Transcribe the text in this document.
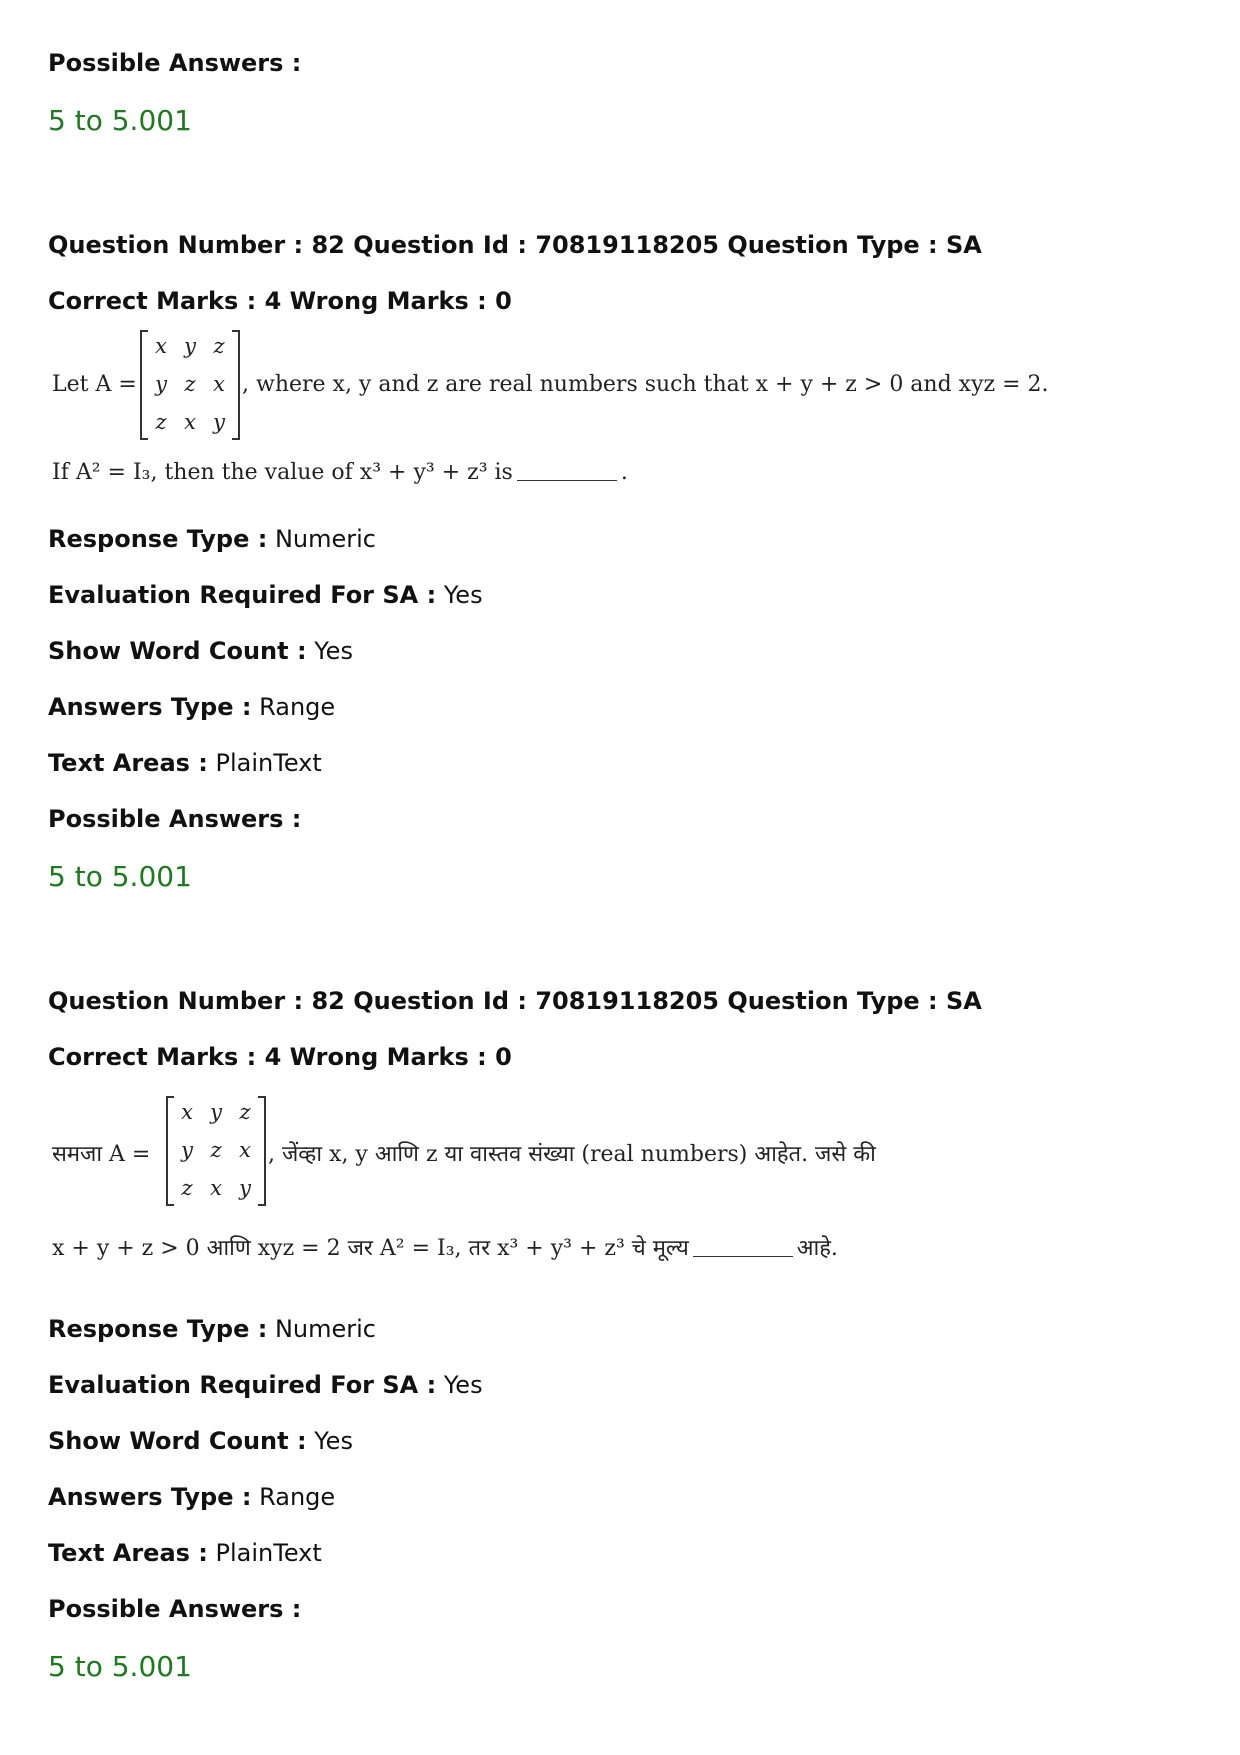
Possible Answers :
5 to 5.001
Question Number : 82 Question Id : 70819118205 Question Type : SA
Correct Marks : 4 Wrong Marks : 0
Let A =
x y z
y z x
z x y
, where x, y and z are real numbers such that x + y + z > 0 and xyz = 2.
If A² = I₃, then the value of x³ + y³ + z³ is	.
Response Type : Numeric
Evaluation Required For SA : Yes
Show Word Count : Yes
Answers Type : Range
Text Areas : PlainText
Possible Answers :
5 to 5.001
Question Number : 82 Question Id : 70819118205 Question Type : SA
Correct Marks : 4 Wrong Marks : 0
समजा A =
x y z
y z x
z x y
, जेंव्हा x, y आणि z या वास्तव संख्या (real numbers) आहेत. जसे की
x + y + z > 0 आणि xyz = 2 जर A² = I₃, तर x³ + y³ + z³ चे मूल्य	आहे.
Response Type : Numeric
Evaluation Required For SA : Yes
Show Word Count : Yes
Answers Type : Range
Text Areas : PlainText
Possible Answers :
5 to 5.001
